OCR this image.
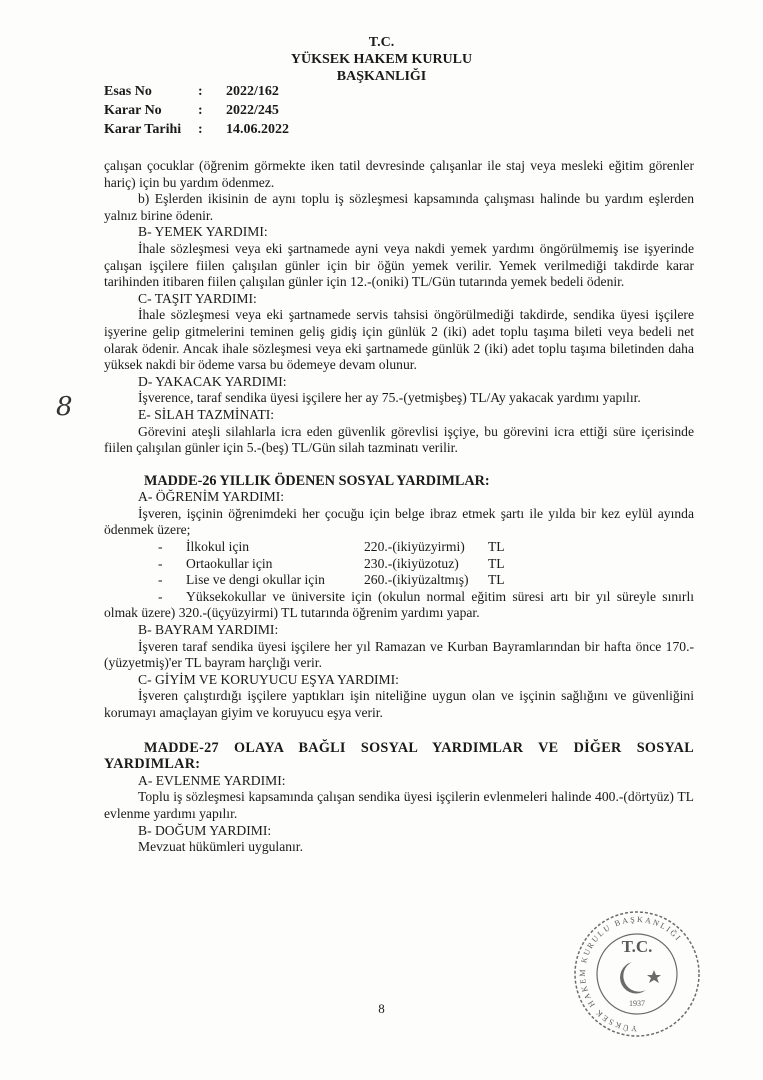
T.C.
YÜKSEK HAKEM KURULU
BAŞKANLIĞI
Esas No	:	2022/162
Karar No	:	2022/245
Karar Tarihi	:	14.06.2022
8

çalışan çocuklar (öğrenim görmekte iken tatil devresinde çalışanlar ile staj veya mesleki eğitim görenler hariç) için bu yardım ödenmez.

b) Eşlerden ikisinin de aynı toplu iş sözleşmesi kapsamında çalışması halinde bu yardım eşlerden yalnız birine ödenir.

B- YEMEK YARDIMI:

İhale sözleşmesi veya eki şartnamede ayni veya nakdi yemek yardımı öngörülmemiş ise işyerinde çalışan işçilere fiilen çalışılan günler için bir öğün yemek verilir. Yemek verilmediği takdirde karar tarihinden itibaren fiilen çalışılan günler için 12.-(oniki) TL/Gün tutarında yemek bedeli ödenir.

C- TAŞIT YARDIMI:

İhale sözleşmesi veya eki şartnamede servis tahsisi öngörülmediği takdirde, sendika üyesi işçilere işyerine gelip gitmelerini teminen geliş gidiş için günlük 2 (iki) adet toplu taşıma bileti veya bedeli net olarak ödenir. Ancak ihale sözleşmesi veya eki şartnamede günlük 2 (iki) adet toplu taşıma biletinden daha yüksek nakdi bir ödeme varsa bu ödemeye devam olunur.

D- YAKACAK YARDIMI:

İşverence, taraf sendika üyesi işçilere her ay 75.-(yetmişbeş) TL/Ay yakacak yardımı yapılır.

E- SİLAH TAZMİNATI:

Görevini ateşli silahlarla icra eden güvenlik görevlisi işçiye, bu görevini icra ettiği süre içerisinde fiilen çalışılan günler için 5.-(beş) TL/Gün silah tazminatı verilir.

MADDE-26 YILLIK ÖDENEN SOSYAL YARDIMLAR:

A- ÖĞRENİM YARDIMI:

İşveren, işçinin öğrenimdeki her çocuğu için belge ibraz etmek şartı ile yılda bir kez eylül ayında ödenmek üzere;

-	İlkokul için	220.-(ikiyüzyirmi)	TL
-	Ortaokullar için	230.-(ikiyüzotuz)	TL
-	Lise ve dengi okullar için	260.-(ikiyüzaltmış)	TL

- Yüksekokullar ve üniversite için (okulun normal eğitim süresi artı bir yıl süreyle sınırlı olmak üzere) 320.-(üçyüzyirmi) TL tutarında öğrenim yardımı yapar.

B- BAYRAM YARDIMI:

İşveren taraf sendika üyesi işçilere her yıl Ramazan ve Kurban Bayramlarından bir hafta önce 170.-(yüzyetmiş)'er TL bayram harçlığı verir.

C- GİYİM VE KORUYUCU EŞYA YARDIMI:

İşveren çalıştırdığı işçilere yaptıkları işin niteliğine uygun olan ve işçinin sağlığını ve güvenliğini korumayı amaçlayan giyim ve koruyucu eşya verir.

MADDE-27 OLAYA BAĞLI SOSYAL YARDIMLAR VE DİĞER SOSYAL YARDIMLAR:

A- EVLENME YARDIMI:

Toplu iş sözleşmesi kapsamında çalışan sendika üyesi işçilerin evlenmeleri halinde 400.-(dörtyüz) TL evlenme yardımı yapılır.

B- DOĞUM YARDIMI:

Mevzuat hükümleri uygulanır.

8
YÜKSEK HAKEM KURULU BAŞKANLIĞI
T.C.
1937
